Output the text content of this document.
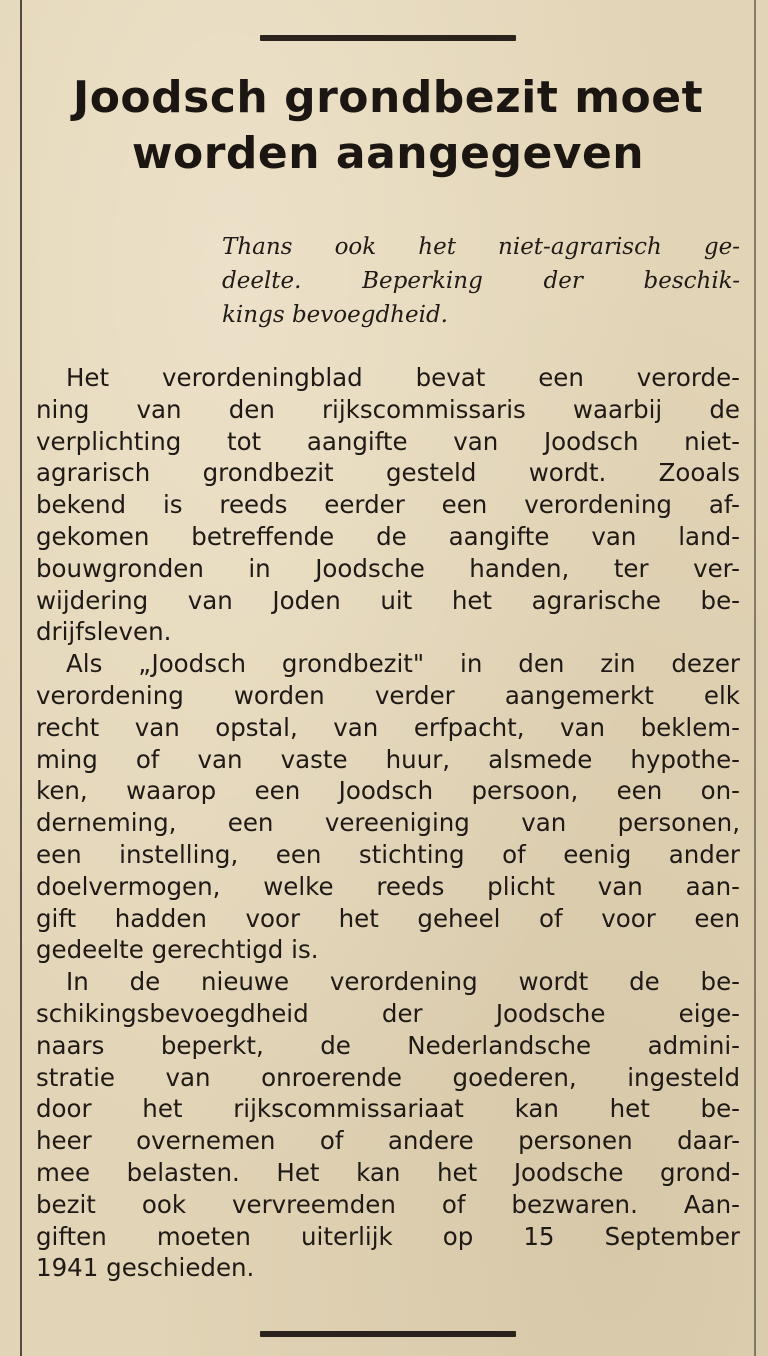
Joodsch grondbezit moet
worden aangegeven

Thans ook het niet-agrarisch ge-
deelte. Beperking der beschik-
kings bevoegdheid.

Het verordeningblad bevat een verorde-
ning van den rijkscommissaris waarbij de
verplichting tot aangifte van Joodsch niet-
agrarisch grondbezit gesteld wordt. Zooals
bekend is reeds eerder een verordening af-
gekomen betreffende de aangifte van land-
bouwgronden in Joodsche handen, ter ver-
wijdering van Joden uit het agrarische be-
drijfsleven.
Als „Joodsch grondbezit" in den zin dezer
verordening worden verder aangemerkt elk
recht van opstal, van erfpacht, van beklem-
ming of van vaste huur, alsmede hypothe-
ken, waarop een Joodsch persoon, een on-
derneming, een vereeniging van personen,
een instelling, een stichting of eenig ander
doelvermogen, welke reeds plicht van aan-
gift hadden voor het geheel of voor een
gedeelte gerechtigd is.
In de nieuwe verordening wordt de be-
schikingsbevoegdheid der Joodsche eige-
naars beperkt, de Nederlandsche admini-
stratie van onroerende goederen, ingesteld
door het rijkscommissariaat kan het be-
heer overnemen of andere personen daar-
mee belasten. Het kan het Joodsche grond-
bezit ook vervreemden of bezwaren. Aan-
giften moeten uiterlijk op 15 September
1941 geschieden.
